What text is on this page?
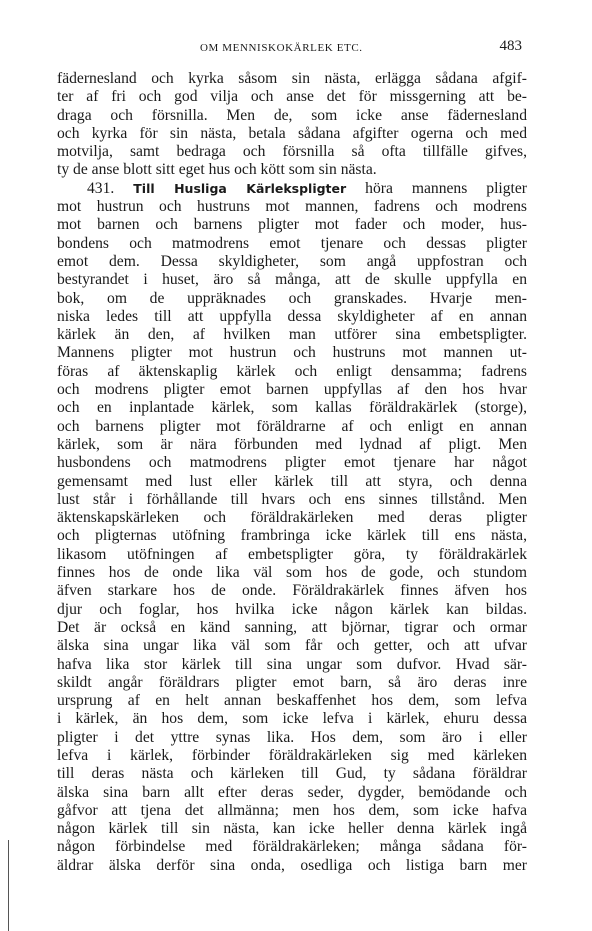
OM MENNISKOKÄRLEK ETC.	483
fäderneslаnd och kyrka såsom sin nästa, erlägga sådana afgif-
ter af fri och god vilja och anse det för missgerning att be-
draga och försnilla. Men de, som icke anse fäderneslаnd
och kyrka för sin nästa, betala sådana afgifter ogerna och med
motvilja, samt bedraga och försnilla så ofta tillfälle gifves,
ty de anse blott sitt eget hus och kött som sin nästa.
431. Till Husliga Kärlekspligter höra mannens pligter
mot hustrun och hustruns mot mannen, fadrens och modrens
mot barnen och barnens pligter mot fader och moder, hus-
bondens och matmodrens emot tjenare och dessas pligter
emot dem. Dessa skyldigheter, som angå uppfostran och
bestyrandet i huset, äro så många, att de skulle uppfylla en
bok, om de uppräknades och granskades. Hvarje men-
niska ledes till att uppfylla dessa skyldigheter af en annan
kärlek än den, af hvilken man utförer sina embetspligter.
Mannens pligter mot hustrun och hustruns mot mannen ut-
föras af äktenskaplig kärlek och enligt densamma; fadrens
och modrens pligter emot barnen uppfyllas af den hos hvar
och en inplantade kärlek, som kallas föräldrakärlek (storge),
och barnens pligter mot föräldrarne af och enligt en annan
kärlek, som är nära förbunden med lydnad af pligt. Men
husbondens och matmodrens pligter emot tjenare har något
gemensamt med lust eller kärlek till att styra, och denna
lust står i förhållande till hvars och ens sinnes tillstånd. Men
äktenskapskärleken och föräldrakärleken med deras pligter
och pligternas utöfning frambringa icke kärlek till ens nästa,
likasom utöfningen af embetspligter göra, ty föräldrakärlek
finnes hos de onde lika väl som hos de gode, och stundom
äfven starkare hos de onde. Föräldrakärlek finnes äfven hos
djur och foglar, hos hvilka icke någon kärlek kan bildas.
Det är också en känd sanning, att björnar, tigrar och ormar
älska sina ungar lika väl som får och getter, och att ufvar
hafva lika stor kärlek till sina ungar som dufvor. Hvad sär-
skildt angår föräldrars pligter emot barn, så äro deras inre
ursprung af en helt annan beskaffenhet hos dem, som lefva
i kärlek, än hos dem, som icke lefva i kärlek, ehuru dessa
pligter i det yttre synas lika. Hos dem, som äro i eller
lefva i kärlek, förbinder föräldrakärleken sig med kärleken
till deras nästa och kärleken till Gud, ty sådana föräldrar
älska sina barn allt efter deras seder, dygder, bemödande och
gåfvor att tjena det allmänna; men hos dem, som icke hafva
någon kärlek till sin nästa, kan icke heller denna kärlek ingå
någon förbindelse med föräldrakärleken; många sådana för-
äldrar älska derför sina onda, osedliga och listiga barn mer
